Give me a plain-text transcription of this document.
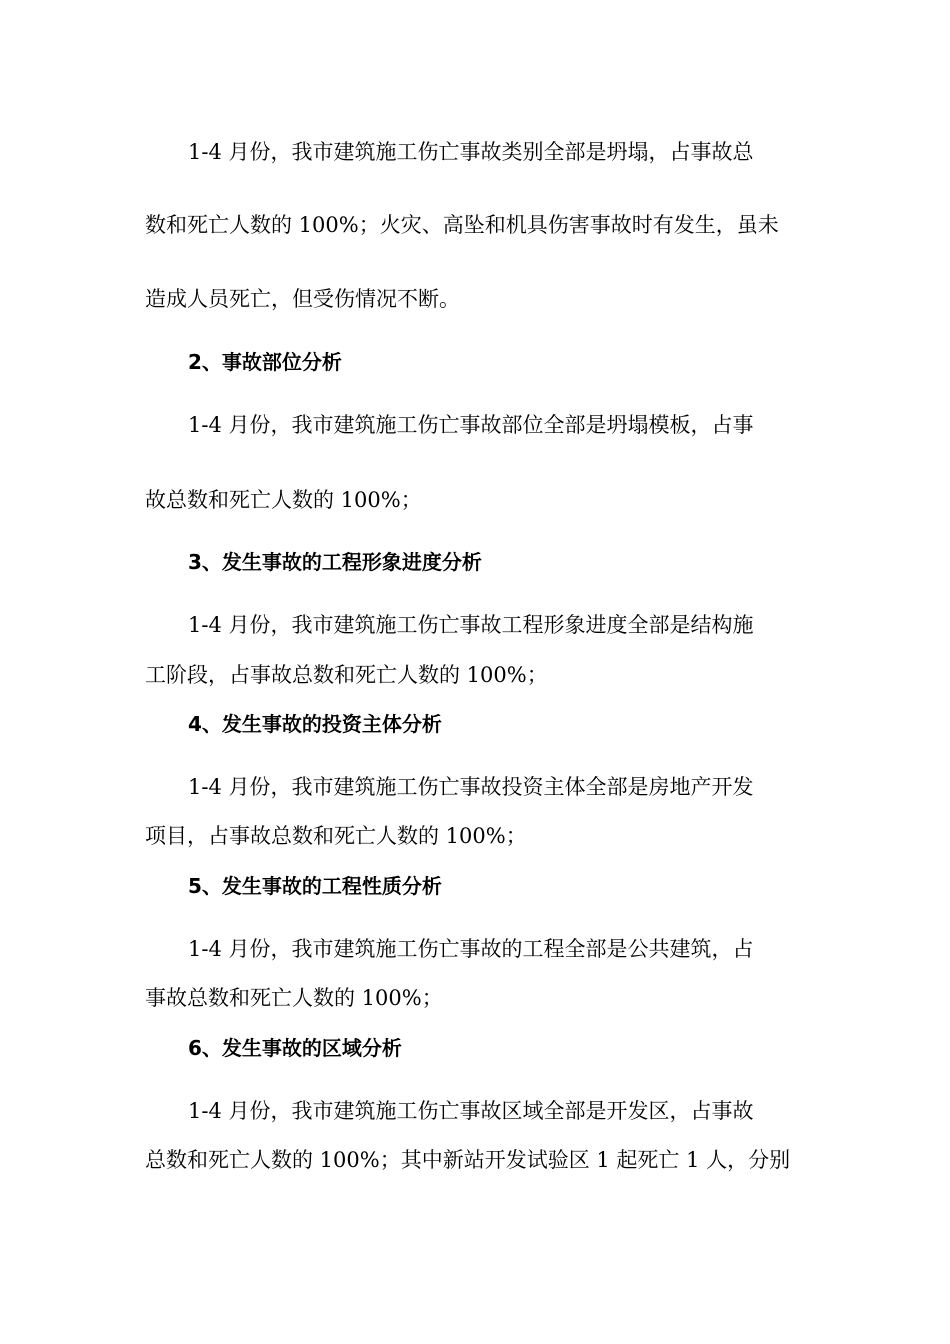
1-4 月份，我市建筑施工伤亡事故类别全部是坍塌，占事故总
数和死亡人数的 100%；火灾、高坠和机具伤害事故时有发生，虽未
造成人员死亡，但受伤情况不断。
2、事故部位分析
1-4 月份，我市建筑施工伤亡事故部位全部是坍塌模板，占事
故总数和死亡人数的 100%；
3、发生事故的工程形象进度分析
1-4 月份，我市建筑施工伤亡事故工程形象进度全部是结构施
工阶段，占事故总数和死亡人数的 100%；
4、发生事故的投资主体分析
1-4 月份，我市建筑施工伤亡事故投资主体全部是房地产开发
项目，占事故总数和死亡人数的 100%；
5、发生事故的工程性质分析
1-4 月份，我市建筑施工伤亡事故的工程全部是公共建筑，占
事故总数和死亡人数的 100%；
6、发生事故的区域分析
1-4 月份，我市建筑施工伤亡事故区域全部是开发区，占事故
总数和死亡人数的 100%；其中新站开发试验区 1 起死亡 1 人，分别
